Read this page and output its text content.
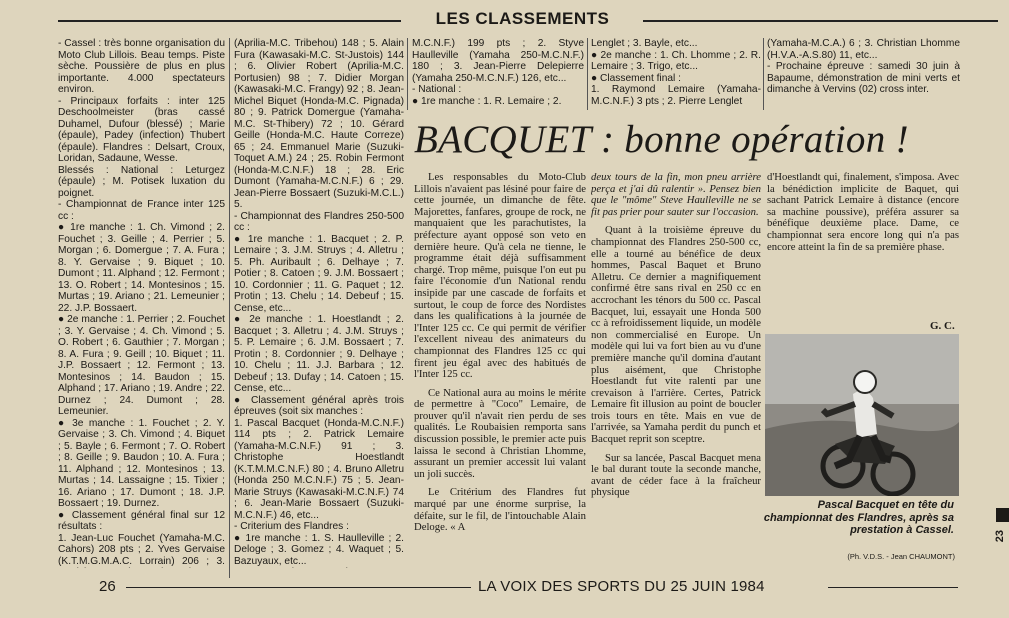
LES CLASSEMENTS

- Cassel : très bonne organisation du Moto Club Lillois. Beau temps. Piste sèche. Poussière de plus en plus importante. 4.000 spectateurs environ.

- Principaux forfaits : inter 125 Deschoolmeister (bras cassé Duhamel, Dufour (blessé) ; Marie (épaule), Padey (infection) Thubert (épaule). Flandres : Delsart, Croux, Loridan, Sadaune, Wesse.

Blessés : National : Leturgez (épaule) ; M. Potisek luxation du poignet.

- Championnat de France inter 125 cc :

● 1re manche : 1. Ch. Vimond ; 2. Fouchet ; 3. Geille ; 4. Perrier ; 5. Morgan ; 6. Domergue ; 7. A. Fura ; 8. Y. Gervaise ; 9. Biquet ; 10. Dumont ; 11. Alphand ; 12. Fermont ; 13. O. Robert ; 14. Montesinos ; 15. Murtas ; 19. Ariano ; 21. Lemeunier ; 22. J.P. Bossaert.

● 2e manche : 1. Perrier ; 2. Fouchet ; 3. Y. Gervaise ; 4. Ch. Vimond ; 5. O. Robert ; 6. Gauthier ; 7. Morgan ; 8. A. Fura ; 9. Geill ; 10. Biquet ; 11. J.P. Bossaert ; 12. Fermont ; 13. Montesinos ; 14. Baudon ; 15. Alphand ; 17. Ariano ; 19. Andre ; 22. Durnez ; 24. Dumont ; 28. Lemeunier.

● 3e manche : 1. Fouchet ; 2. Y. Gervaise ; 3. Ch. Vimond ; 4. Biquet ; 5. Bayle ; 6. Fermont ; 7. O. Robert ; 8. Geille ; 9. Baudon ; 10. A. Fura ; 11. Alphand ; 12. Montesinos ; 13. Murtas ; 14. Lassaigne ; 15. Tixier ; 16. Ariano ; 17. Dumont ; 18. J.P. Bossaert ; 19. Durnez.

● Classement général final sur 12 résultats :

1. Jean-Luc Fouchet (Yamaha-M.C. Cahors) 208 pts ; 2. Yves Gervaise (K.T.M.G.M.A.C. Lorrain) 206 ; 3.

(Aprilia-M.C. Tribehou) 148 ; 5. Alain Fura (Kawasaki-M.C. St-Justois) 144 ; 6. Olivier Robert (Aprilia-M.C. Portusien) 98 ; 7. Didier Morgan (Kawasaki-M.C. Frangy) 92 ; 8. Jean-Michel Biquet (Honda-M.C. Pignada) 80 ; 9. Patrick Domergue (Yamaha-M.C. St-Thibery) 72 ; 10. Gérard Geille (Honda-M.C. Haute Correze) 65 ; 24. Emmanuel Marie (Suzuki-Toquet A.M.) 24 ; 25. Robin Fermont (Honda-M.C.N.F.) 18 ; 28. Eric Dumont (Yamaha-M.C.N.F.) 6 ; 29. Jean-Pierre Bossaert (Suzuki-M.C.L.) 5.

- Championnat des Flandres 250-500 cc :

● 1re manche : 1. Bacquet ; 2. P. Lemaire ; 3. J.M. Struys ; 4. Alletru ; 5. Ph. Auribault ; 6. Delhaye ; 7. Potier ; 8. Catoen ; 9. J.M. Bossaert ; 10. Cordonnier ; 11. G. Paquet ; 12. Protin ; 13. Chelu ; 14. Debeuf ; 15. Cense, etc...

● 2e manche : 1. Hoestlandt ; 2. Bacquet ; 3. Alletru ; 4. J.M. Struys ; 5. P. Lemaire ; 6. J.M. Bossaert ; 7. Protin ; 8. Cordonnier ; 9. Delhaye ; 10. Chelu ; 11. J.J. Barbara ; 12. Debeuf ; 13. Dufay ; 14. Catoen ; 15. Cense, etc...

● Classement général après trois épreuves (soit six manches :

1. Pascal Bacquet (Honda-M.C.N.F.) 114 pts ; 2. Patrick Lemaire (Yamaha-M.C.N.F.) 91 ; 3. Christophe Hoestlandt (K.T.M.M.C.N.F.) 80 ; 4. Bruno Alletru (Honda 250 M.C.N.F.) 75 ; 5. Jean-Marie Struys (Kawasaki-M.C.N.F.) 74 ; 6. Jean-Marie Bossaert (Suzuki-M.C.N.F.) 46, etc...

- Criterium des Flandres :

● 1re manche : 1. S. Haulleville ; 2. Deloge ; 3. Gomez ; 4. Waquet ; 5. Bazuyaux, etc...

M.C.N.F.) 199 pts ; 2. Styve Haulleville (Yamaha 250-M.C.N.F.) 180 ; 3. Jean-Pierre Delepierre (Yamaha 250-M.C.N.F.) 126, etc...

- National :

● 1re manche : 1. R. Lemaire ; 2.

Lenglet ; 3. Bayle, etc...

● 2e manche : 1. Ch. Lhomme ; 2. R. Lemaire ; 3. Trigo, etc...

● Classement final :

1. Raymond Lemaire (Yamaha-M.C.N.F.) 3 pts ; 2. Pierre Lenglet

(Yamaha-M.C.A.) 6 ; 3. Christian Lhomme (H.V.A.-A.S.80) 11, etc...

- Prochaine épreuve : samedi 30 juin à Bapaume, démonstration de mini verts et dimanche à Vervins (02) cross inter.

BACQUET : bonne opération !

Les responsables du Moto-Club Lillois n'avaient pas lésiné pour faire de cette journée, un dimanche de fête. Majorettes, fanfares, groupe de rock, ne manquaient que les parachutistes, la préfecture ayant opposé son veto en dernière heure. Qu'à cela ne tienne, le programme était déjà suffisamment chargé. Trop même, puisque l'on eut pu faire l'économie d'un National rendu insipide par une cascade de forfaits et surtout, le coup de force des Nordistes dans les qualifications à la journée de l'Inter 125 cc. Ce qui permit de vérifier l'excellent niveau des animateurs du championnat des Flandres 125 cc qui firent jeu égal avec des habitués de l'Inter 125 cc.

Ce National aura au moins le mérite de permettre à "Coco" Lemaire, de prouver qu'il n'avait rien perdu de ses qualités. Le Roubaisien remporta sans discussion possible, le premier acte puis laissa le second à Christian Lhomme, assurant un premier accessit lui valant un joli succès.

Le Critérium des Flandres fut marqué par une énorme surprise, la défaite, sur le fil, de l'intouchable Alain Deloge. « A

deux tours de la fin, mon pneu arrière perça et j'ai dû ralentir ». Pensez bien que le "môme" Steve Haulleville ne se fit pas prier pour sauter sur l'occasion.

Quant à la troisième épreuve du championnat des Flandres 250-500 cc, elle a tourné au bénéfice de deux hommes, Pascal Baquet et Bruno Alletru. Ce dernier a magnifiquement confirmé être sans rival en 250 cc en accrochant les ténors du 500 cc. Pascal Bacquet, lui, essayait une Honda 500 cc à refroidissement liquide, un modèle non commercialisé en Europe. Un modèle qui lui va fort bien au vu d'une première manche qu'il domina d'autant plus aisément, que Christophe Hoestlandt fut vite ralenti par une crevaison à l'arrière. Certes, Patrick Lemaire fit illusion au point de boucler trois tours en tête. Mais en vue de l'arrivée, sa Yamaha perdit du punch et Bacquet reprit son sceptre.

Sur sa lancée, Pascal Bacquet mena le bal durant toute la seconde manche, avant de céder face à la fraîcheur physique

d'Hoestlandt qui, finalement, s'imposa. Avec la bénédiction implicite de Baquet, qui sachant Patrick Lemaire à distance (encore sa machine poussive), préféra assurer sa bénéfique deuxième place. Dame, ce championnat sera encore long qui n'a pas encore atteint la fin de sa première phase.

G. C.
Pascal Bacquet en tête du championnat des Flandres, après sa prestation à Cassel.
(Ph. V.D.S. - Jean CHAUMONT)
26	LA VOIX DES SPORTS DU 25 JUIN 1984
23
